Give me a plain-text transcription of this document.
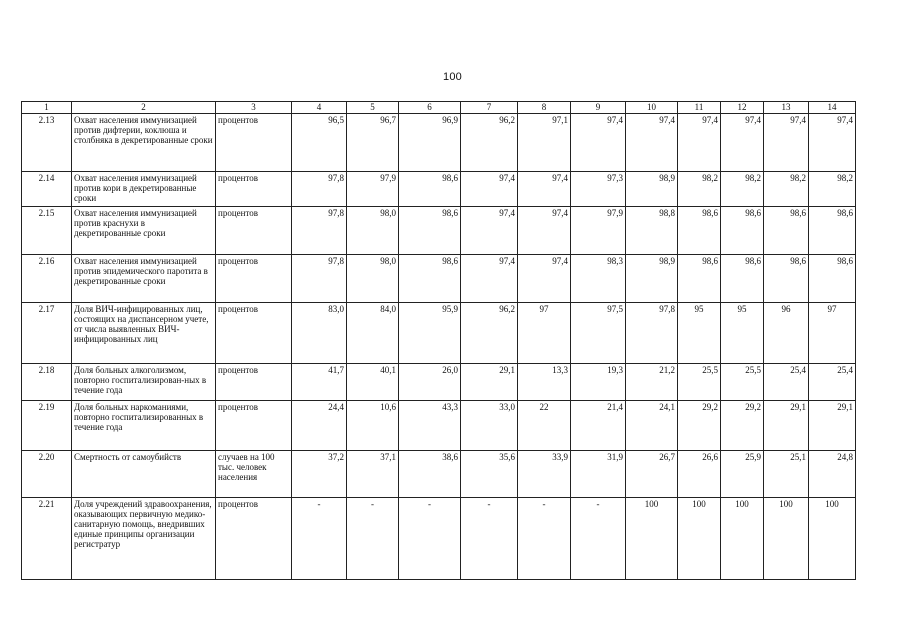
100
1	2	3	4	5	6	7	8	9	10	11	12	13	14
2.13	Охват населения иммунизацией против дифтерии, коклюша и столбняка в декретированные сроки	процентов	96,5	96,7	96,9	96,2	97,1	97,4	97,4	97,4	97,4	97,4	97,4
2.14	Охват населения иммунизацией против кори в декретированные сроки	процентов	97,8	97,9	98,6	97,4	97,4	97,3	98,9	98,2	98,2	98,2	98,2
2.15	Охват населения иммунизацией против краснухи в декретированные сроки	процентов	97,8	98,0	98,6	97,4	97,4	97,9	98,8	98,6	98,6	98,6	98,6
2.16	Охват населения иммунизацией против эпидемического паротита в декретированные сроки	процентов	97,8	98,0	98,6	97,4	97,4	98,3	98,9	98,6	98,6	98,6	98,6
2.17	Доля ВИЧ-инфицированных лиц, состоящих на диспансерном учете, от числа выявленных ВИЧ-инфицированных лиц	процентов	83,0	84,0	95,9	96,2	97	97,5	97,8	95	95	96	97
2.18	Доля больных алкоголизмом, повторно госпитализирован-ных в течение года	процентов	41,7	40,1	26,0	29,1	13,3	19,3	21,2	25,5	25,5	25,4	25,4
2.19	Доля больных наркоманиями, повторно госпитализированных в течение года	процентов	24,4	10,6	43,3	33,0	22	21,4	24,1	29,2	29,2	29,1	29,1
2.20	Смертность от самоубийств	случаев на 100 тыс. человек населения	37,2	37,1	38,6	35,6	33,9	31,9	26,7	26,6	25,9	25,1	24,8
2.21	Доля учреждений здравоохранения, оказывающих первичную медико-санитарную помощь, внедривших единые принципы организации регистратур	процентов	-	-	-	-	-	-	100	100	100	100	100
